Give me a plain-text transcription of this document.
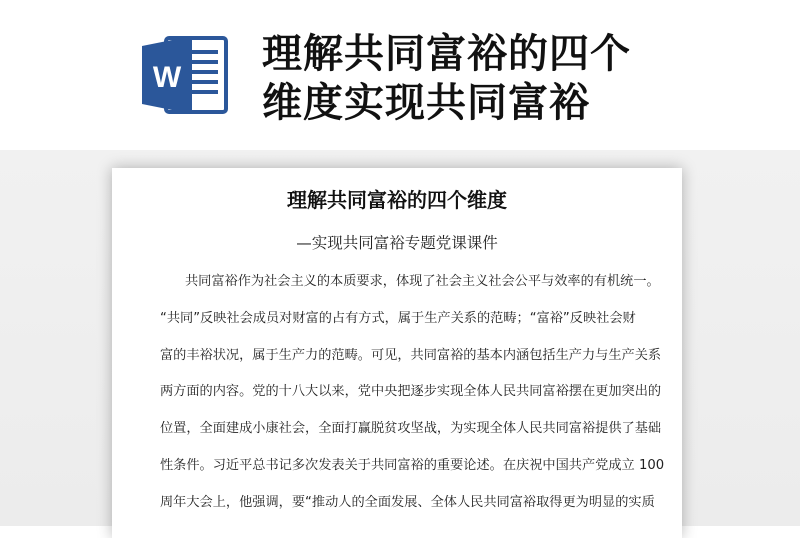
W
理解共同富裕的四个
维度实现共同富裕
理解共同富裕的四个维度
—实现共同富裕专题党课课件
共同富裕作为社会主义的本质要求，体现了社会主义社会公平与效率的有机统一。
“共同”反映社会成员对财富的占有方式，属于生产关系的范畴；“富裕”反映社会财
富的丰裕状况，属于生产力的范畴。可见，共同富裕的基本内涵包括生产力与生产关系
两方面的内容。党的十八大以来，党中央把逐步实现全体人民共同富裕摆在更加突出的
位置，全面建成小康社会，全面打赢脱贫攻坚战，为实现全体人民共同富裕提供了基础
性条件。习近平总书记多次发表关于共同富裕的重要论述。在庆祝中国共产党成立 100
周年大会上，他强调，要“推动人的全面发展、全体人民共同富裕取得更为明显的实质
